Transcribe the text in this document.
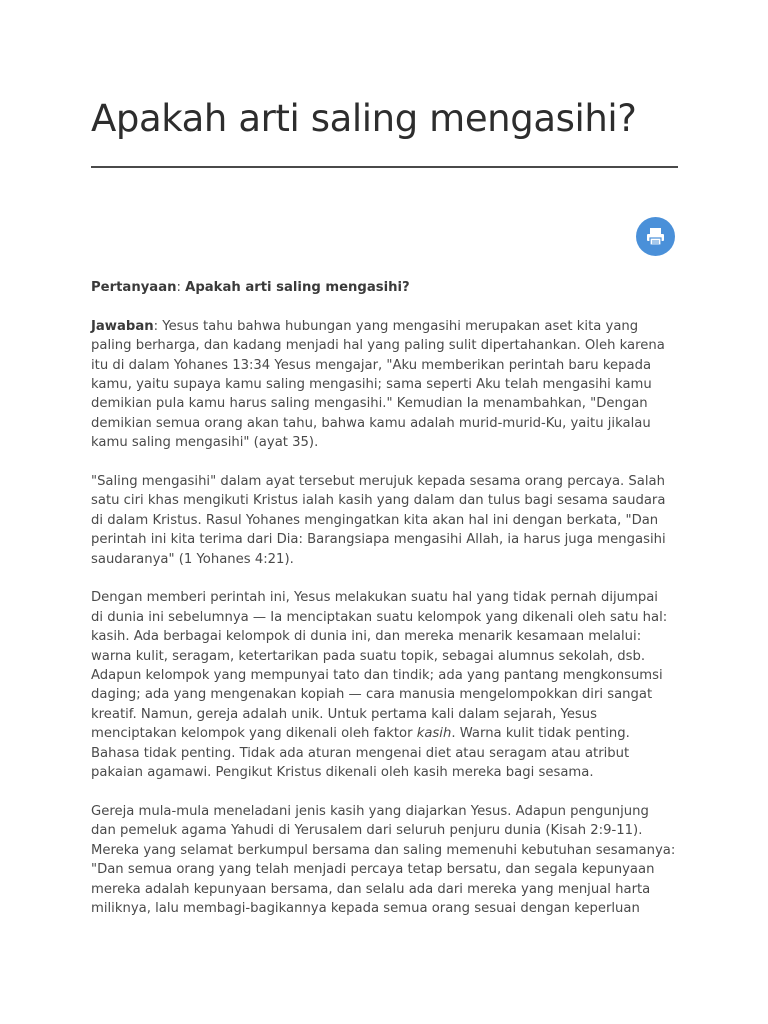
Apakah arti saling mengasihi?

Pertanyaan: Apakah arti saling mengasihi?

Jawaban: Yesus tahu bahwa hubungan yang mengasihi merupakan aset kita yang
paling berharga, dan kadang menjadi hal yang paling sulit dipertahankan. Oleh karena
itu di dalam Yohanes 13:34 Yesus mengajar, "Aku memberikan perintah baru kepada
kamu, yaitu supaya kamu saling mengasihi; sama seperti Aku telah mengasihi kamu
demikian pula kamu harus saling mengasihi." Kemudian Ia menambahkan, "Dengan
demikian semua orang akan tahu, bahwa kamu adalah murid-murid-Ku, yaitu jikalau
kamu saling mengasihi" (ayat 35).

"Saling mengasihi" dalam ayat tersebut merujuk kepada sesama orang percaya. Salah
satu ciri khas mengikuti Kristus ialah kasih yang dalam dan tulus bagi sesama saudara
di dalam Kristus. Rasul Yohanes mengingatkan kita akan hal ini dengan berkata, "Dan
perintah ini kita terima dari Dia: Barangsiapa mengasihi Allah, ia harus juga mengasihi
saudaranya" (1 Yohanes 4:21).

Dengan memberi perintah ini, Yesus melakukan suatu hal yang tidak pernah dijumpai
di dunia ini sebelumnya — Ia menciptakan suatu kelompok yang dikenali oleh satu hal:
kasih. Ada berbagai kelompok di dunia ini, dan mereka menarik kesamaan melalui:
warna kulit, seragam, ketertarikan pada suatu topik, sebagai alumnus sekolah, dsb.
Adapun kelompok yang mempunyai tato dan tindik; ada yang pantang mengkonsumsi
daging; ada yang mengenakan kopiah — cara manusia mengelompokkan diri sangat
kreatif. Namun, gereja adalah unik. Untuk pertama kali dalam sejarah, Yesus
menciptakan kelompok yang dikenali oleh faktor kasih. Warna kulit tidak penting.
Bahasa tidak penting. Tidak ada aturan mengenai diet atau seragam atau atribut
pakaian agamawi. Pengikut Kristus dikenali oleh kasih mereka bagi sesama.

Gereja mula-mula meneladani jenis kasih yang diajarkan Yesus. Adapun pengunjung
dan pemeluk agama Yahudi di Yerusalem dari seluruh penjuru dunia (Kisah 2:9-11).
Mereka yang selamat berkumpul bersama dan saling memenuhi kebutuhan sesamanya:
"Dan semua orang yang telah menjadi percaya tetap bersatu, dan segala kepunyaan
mereka adalah kepunyaan bersama, dan selalu ada dari mereka yang menjual harta
miliknya, lalu membagi-bagikannya kepada semua orang sesuai dengan keperluan
